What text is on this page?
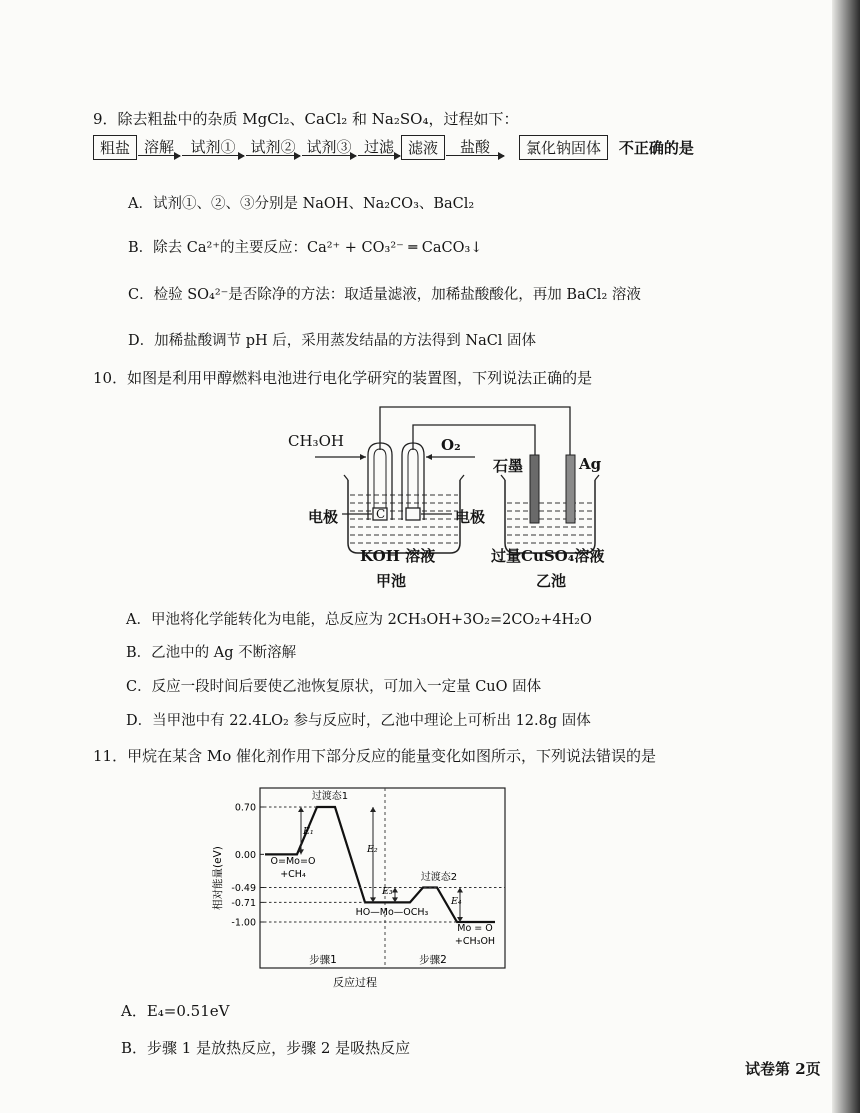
9．除去粗盐中的杂质 MgCl₂、CaCl₂ 和 Na₂SO₄，过程如下：
粗盐 溶解	试剂① 试剂② 试剂③ 过滤 滤液	盐酸	氯化钠固体 不正确的是
A．试剂①、②、③分别是 NaOH、Na₂CO₃、BaCl₂
B．除去 Ca²⁺的主要反应：Ca²⁺ + CO₃²⁻ ═ CaCO₃↓
C．检验 SO₄²⁻是否除净的方法：取适量滤液，加稀盐酸酸化，再加 BaCl₂ 溶液
D．加稀盐酸调节 pH 后，采用蒸发结晶的方法得到 NaCl 固体
10．如图是利用甲醇燃料电池进行电化学研究的装置图，下列说法正确的是
CH₃OH	O₂
石墨	Ag
电极	电极
C
KOH 溶液
甲池
过量CuSO₄溶液
乙池
A．甲池将化学能转化为电能，总反应为 2CH₃OH+3O₂=2CO₂+4H₂O
B．乙池中的 Ag 不断溶解
C．反应一段时间后要使乙池恢复原状，可加入一定量 CuO 固体
D．当甲池中有 22.4LO₂ 参与反应时，乙池中理论上可析出 12.8g 固体
11．甲烷在某含 Mo 催化剂作用下部分反应的能量变化如图所示，下列说法错误的是
0.70
0.00
-0.49
-0.71
-1.00
相对能量(eV)
反应过程
过渡态1
过渡态2
O=Mo=O
+CH₄
HO—Mo—OCH₃
Mo = O
+CH₃OH
E₁
E₂
E₃
E₄
步骤1	步骤2
A．E₄=0.51eV
B．步骤 1 是放热反应，步骤 2 是吸热反应
试卷第 2页
